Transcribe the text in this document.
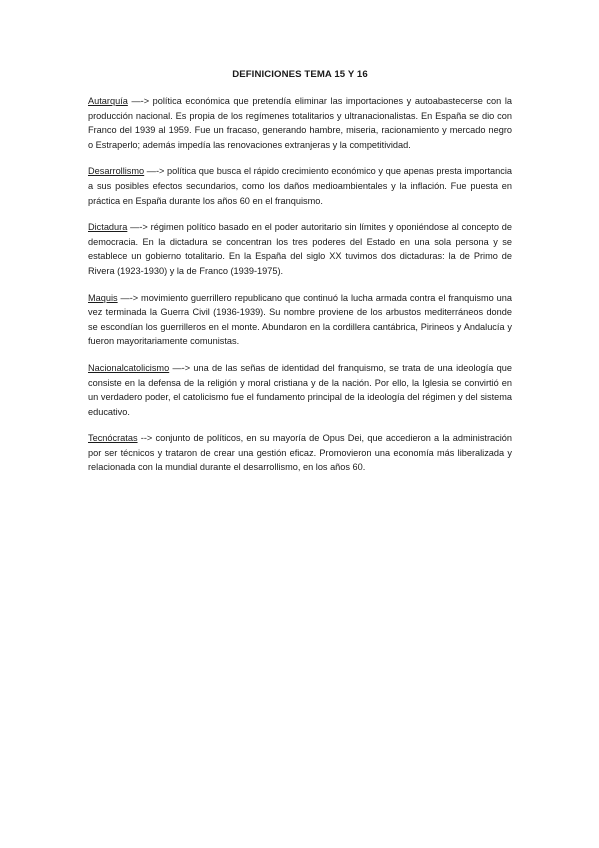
DEFINICIONES TEMA 15 Y 16

Autarquía —-> política económica que pretendía eliminar las importaciones y autoabastecerse con la producción nacional. Es propia de los regímenes totalitarios y ultranacionalistas. En España se dio con Franco del 1939 al 1959. Fue un fracaso, generando hambre, miseria, racionamiento y mercado negro o Estraperlo; además impedía las renovaciones extranjeras y la competitividad.

Desarrollismo —-> política que busca el rápido crecimiento económico y que apenas presta importancia a sus posibles efectos secundarios, como los daños medioambientales y la inflación. Fue puesta en práctica en España durante los años 60 en el franquismo.

Dictadura —-> régimen político basado en el poder autoritario sin límites y oponiéndose al concepto de democracia. En la dictadura se concentran los tres poderes del Estado en una sola persona y se establece un gobierno totalitario. En la España del siglo XX tuvimos dos dictaduras: la de Primo de Rivera (1923-1930) y la de Franco (1939-1975).

Maquis —-> movimiento guerrillero republicano que continuó la lucha armada contra el franquismo una vez terminada la Guerra Civil (1936-1939). Su nombre proviene de los arbustos mediterráneos donde se escondían los guerrilleros en el monte. Abundaron en la cordillera cantábrica, Pirineos y Andalucía y fueron mayoritariamente comunistas.

Nacionalcatolicismo —-> una de las señas de identidad del franquismo, se trata de una ideología que consiste en la defensa de la religión y moral cristiana y de la nación. Por ello, la Iglesia se convirtió en un verdadero poder, el catolicismo fue el fundamento principal de la ideología del régimen y del sistema educativo.

Tecnócratas --> conjunto de políticos, en su mayoría de Opus Dei, que accedieron a la administración por ser técnicos y trataron de crear una gestión eficaz. Promovieron una economía más liberalizada y relacionada con la mundial durante el desarrollismo, en los años 60.
